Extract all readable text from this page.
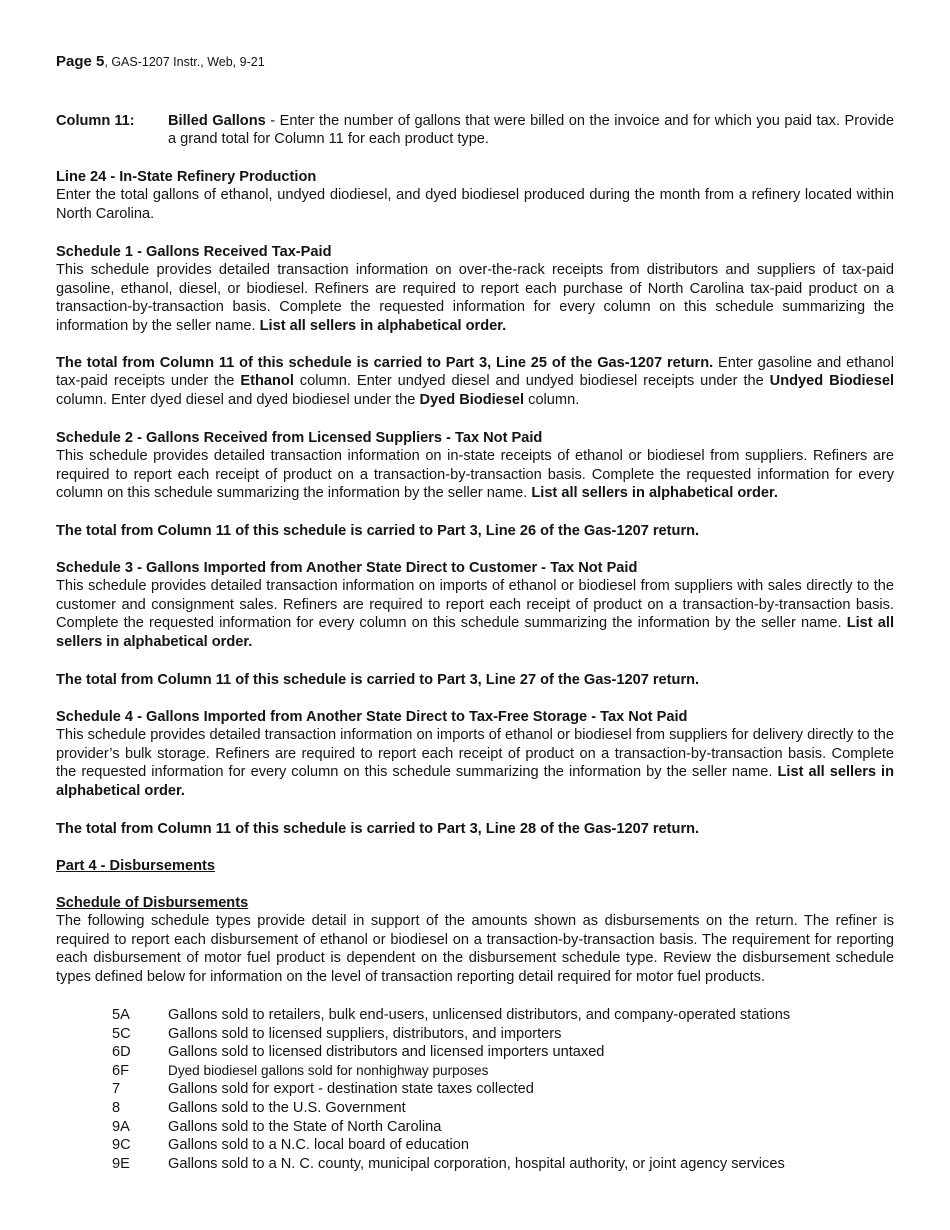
Page 5, GAS-1207 Instr., Web, 9-21
Column 11: Billed Gallons - Enter the number of gallons that were billed on the invoice and for which you paid tax. Provide a grand total for Column 11 for each product type.

Line 24 - In-State Refinery Production

Enter the total gallons of ethanol, undyed diodiesel, and dyed biodiesel produced during the month from a refinery located within North Carolina.

Schedule 1 - Gallons Received Tax-Paid

This schedule provides detailed transaction information on over-the-rack receipts from distributors and suppliers of tax-paid gasoline, ethanol, diesel, or biodiesel. Refiners are required to report each purchase of North Carolina tax-paid product on a transaction-by-transaction basis. Complete the requested information for every column on this schedule summarizing the information by the seller name. List all sellers in alphabetical order.

The total from Column 11 of this schedule is carried to Part 3, Line 25 of the Gas-1207 return. Enter gasoline and ethanol tax-paid receipts under the Ethanol column. Enter undyed diesel and undyed biodiesel receipts under the Undyed Biodiesel column. Enter dyed diesel and dyed biodiesel under the Dyed Biodiesel column.

Schedule 2 - Gallons Received from Licensed Suppliers - Tax Not Paid

This schedule provides detailed transaction information on in-state receipts of ethanol or biodiesel from suppliers. Refiners are required to report each receipt of product on a transaction-by-transaction basis. Complete the requested information for every column on this schedule summarizing the information by the seller name. List all sellers in alphabetical order.

The total from Column 11 of this schedule is carried to Part 3, Line 26 of the Gas-1207 return.

Schedule 3 - Gallons Imported from Another State Direct to Customer - Tax Not Paid

This schedule provides detailed transaction information on imports of ethanol or biodiesel from suppliers with sales directly to the customer and consignment sales. Refiners are required to report each receipt of product on a transaction-by-transaction basis. Complete the requested information for every column on this schedule summarizing the information by the seller name. List all sellers in alphabetical order.

The total from Column 11 of this schedule is carried to Part 3, Line 27 of the Gas-1207 return.

Schedule 4 - Gallons Imported from Another State Direct to Tax-Free Storage - Tax Not Paid

This schedule provides detailed transaction information on imports of ethanol or biodiesel from suppliers for delivery directly to the provider’s bulk storage. Refiners are required to report each receipt of product on a transaction-by-transaction basis. Complete the requested information for every column on this schedule summarizing the information by the seller name. List all sellers in alphabetical order.

The total from Column 11 of this schedule is carried to Part 3, Line 28 of the Gas-1207 return.

Part 4 - Disbursements

Schedule of Disbursements

The following schedule types provide detail in support of the amounts shown as disbursements on the return. The refiner is required to report each disbursement of ethanol or biodiesel on a transaction-by-transaction basis. The requirement for reporting each disbursement of motor fuel product is dependent on the disbursement schedule type. Review the disbursement schedule types defined below for information on the level of transaction reporting detail required for motor fuel products.

5A	Gallons sold to retailers, bulk end-users, unlicensed distributors, and company-operated stations
5C	Gallons sold to licensed suppliers, distributors, and importers
6D	Gallons sold to licensed distributors and licensed importers untaxed
6F	Dyed biodiesel gallons sold for nonhighway purposes
7	Gallons sold for export - destination state taxes collected
8	Gallons sold to the U.S. Government
9A	Gallons sold to the State of North Carolina
9C	Gallons sold to a N.C. local board of education
9E	Gallons sold to a N. C. county, municipal corporation, hospital authority, or joint agency services
